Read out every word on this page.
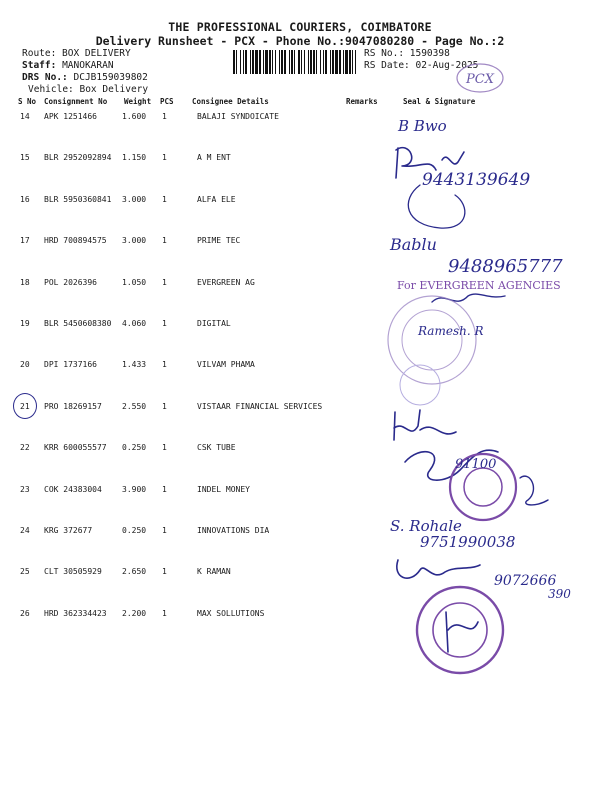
THE PROFESSIONAL COURIERS, COIMBATORE
Delivery Runsheet - PCX - Phone No.:9047080280 - Page No.:2
Route: BOX DELIVERY
Staff: MANOKARAN
DRS No.: DCJB159039802
Vehicle: Box Delivery
RS No.: 1590398
RS Date: 02-Aug-2025
S No Consignment No Weight PCS Consignee Details	Remarks	Seal & Signature
14 APK 1251466	1.600 1	BALAJI SYNDOICATE
15 BLR 2952092894 1.150 1	A M ENT
16 BLR 5950360841 3.000 1	ALFA ELE
17 HRD 700894575 3.000 1	PRIME TEC
18 POL 2026396	1.050 1	EVERGREEN AG
19 BLR 5450608380 4.060 1	DIGITAL
20 DPI 1737166	1.433 1	VILVAM PHAMA
21 PRO 18269157	2.550 1	VISTAAR FINANCIAL SERVICES
22 KRR 600055577 0.250 1	CSK TUBE
23 COK 24383004	3.900 1	INDEL MONEY
24 KRG 372677	0.250 1	INNOVATIONS DIA
25 CLT 30505929	2.650 1	K RAMAN
26 HRD 362334423 2.200 1	MAX SOLLUTIONS
PCX
B Bwo
9443139649
Bablu
9488965777
For EVERGREEN AGENCIES
Ramesh. R
91100
S. Rohale
9751990038
9072666
390
